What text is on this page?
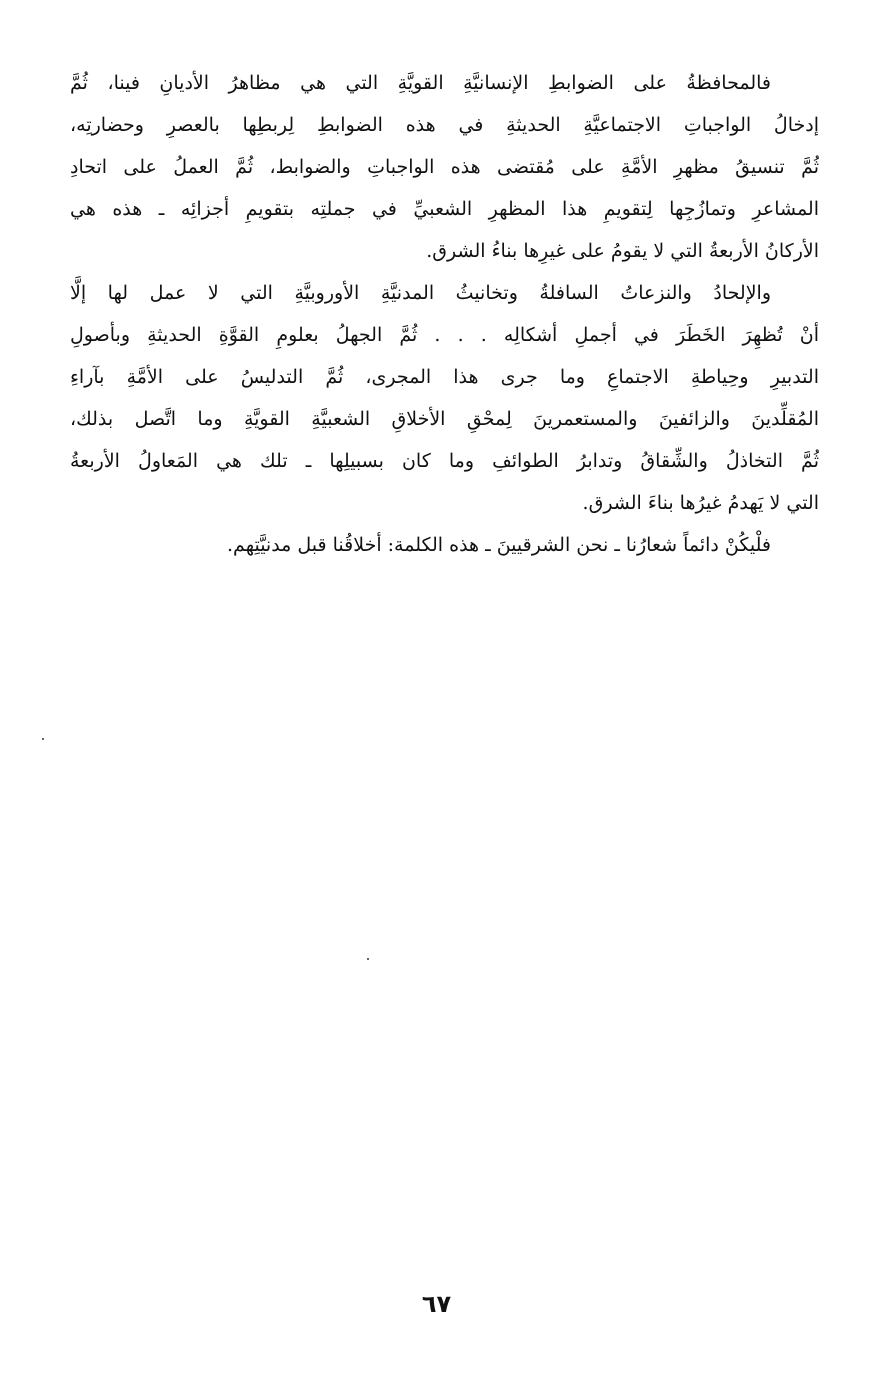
فالمحافظةُ على الضوابطِ الإنسانيَّةِ القويَّةِ التي هي مظاهرُ الأديانِ فينا، ثُمَّ
إدخالُ الواجباتِ الاجتماعيَّةِ الحديثةِ في هذه الضوابطِ لِربطِها بالعصرِ وحضارتِه،
ثُمَّ تنسيقُ مظهرِ الأمَّةِ على مُقتضى هذه الواجباتِ والضوابط، ثُمَّ العملُ على اتحادِ
المشاعرِ وتمازُجِها لِتقويمِ هذا المظهرِ الشعبيِّ في جملتِه بتقويمِ أجزائِه ـ هذه هي
الأركانُ الأربعةُ التي لا يقومُ على غيرِها بناءُ الشرق.
والإلحادُ والنزعاتُ السافلةُ وتخانيثُ المدنيَّةِ الأوروبيَّةِ التي لا عمل لها إلَّا
أنْ تُظهِرَ الخَطَرَ في أجملِ أشكالِه . . . ثُمَّ الجهلُ بعلومِ القوَّةِ الحديثةِ وبأصولِ
التدبيرِ وحِياطةِ الاجتماعِ وما جرى هذا المجرى، ثُمَّ التدليسُ على الأمَّةِ بآراءِ
المُقلِّدينَ والزائفينَ والمستعمرينَ لِمحْقِ الأخلاقِ الشعبيَّةِ القويَّةِ وما اتَّصل بذلك،
ثُمَّ التخاذلُ والشِّقاقُ وتدابرُ الطوائفِ وما كان بسبيلِها ـ تلك هي المَعاولُ الأربعةُ
التي لا يَهدمُ غيرُها بناءَ الشرق.
فلْيكُنْ دائماً شعارُنا ـ نحن الشرقيينَ ـ هذه الكلمة: أخلاقُنا قبل مدنيَّتِهم.
٦٧
